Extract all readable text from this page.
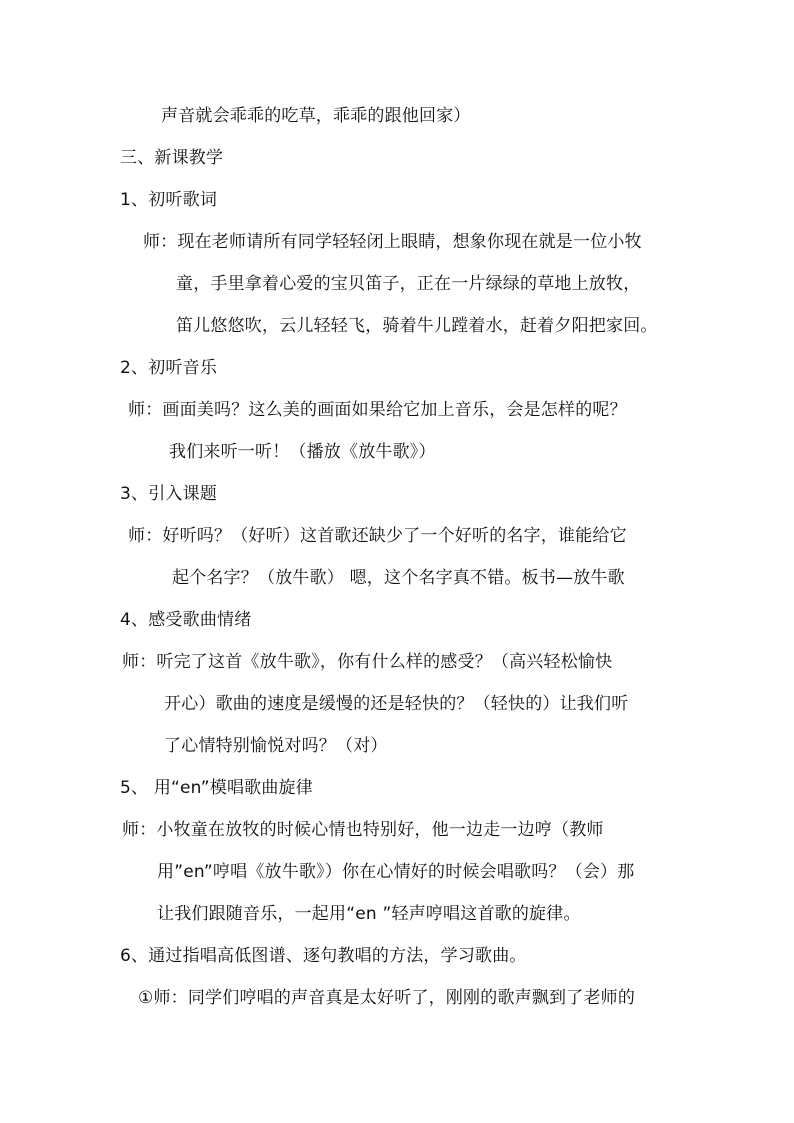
声音就会乖乖的吃草，乖乖的跟他回家）
三、新课教学
1、初听歌词
师：现在老师请所有同学轻轻闭上眼睛，想象你现在就是一位小牧
童，手里拿着心爱的宝贝笛子，正在一片绿绿的草地上放牧，
笛儿悠悠吹，云儿轻轻飞，骑着牛儿蹚着水，赶着夕阳把家回。
2、初听音乐
师：画面美吗？这么美的画面如果给它加上音乐，会是怎样的呢？
我们来听一听！（播放《放牛歌》）
3、引入课题
师：好听吗？（好听）这首歌还缺少了一个好听的名字，谁能给它
起个名字？（放牛歌） 嗯，这个名字真不错。板书—放牛歌
4、感受歌曲情绪
师：听完了这首《放牛歌》，你有什么样的感受？（高兴轻松愉快
开心）歌曲的速度是缓慢的还是轻快的？（轻快的）让我们听
了心情特别愉悦对吗？（对）
5、 用“en”模唱歌曲旋律
师：小牧童在放牧的时候心情也特别好，他一边走一边哼（教师
用”en”哼唱《放牛歌》）你在心情好的时候会唱歌吗？（会）那
让我们跟随音乐，一起用“en ”轻声哼唱这首歌的旋律。
6、通过指唱高低图谱、逐句教唱的方法，学习歌曲。
①师：同学们哼唱的声音真是太好听了，刚刚的歌声飘到了老师的
